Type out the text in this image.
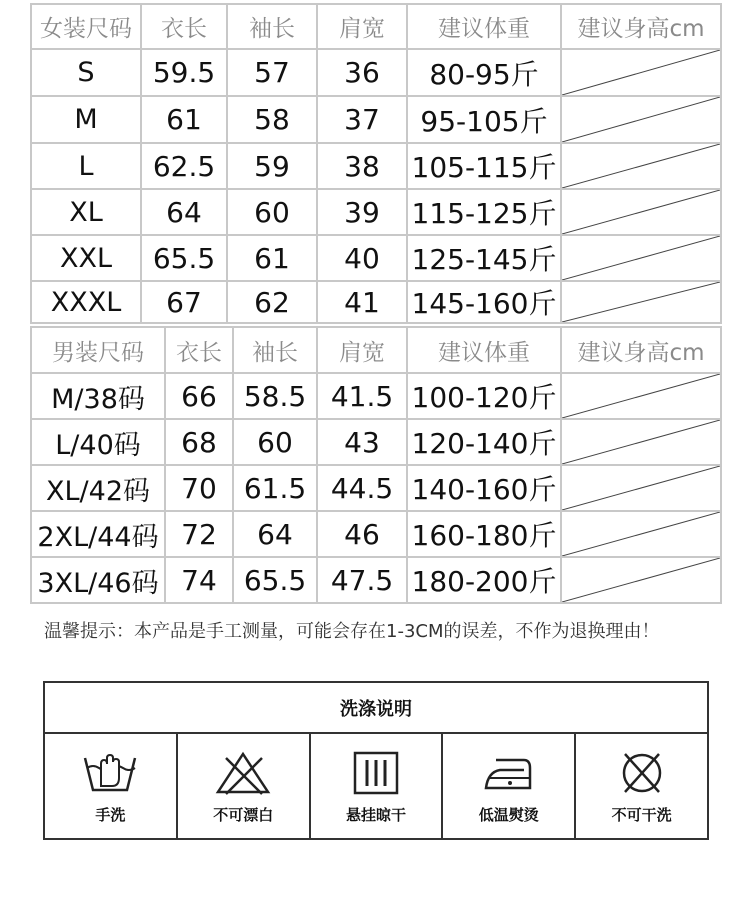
女装尺码	衣长	袖长	肩宽	建议体重	建议身高cm
S	59.5	57	36	80-95斤	

M	61	58	37	95-105斤	

L	62.5	59	38	105-115斤	

XL	64	60	39	115-125斤	

XXL	65.5	61	40	125-145斤	

XXXL	67	62	41	145-160斤	
男装尺码	衣长	袖长	肩宽	建议体重	建议身高cm
M/38码	66	58.5	41.5	100-120斤	

L/40码	68	60	43	120-140斤	

XL/42码	70	61.5	44.5	140-160斤	

2XL/44码	72	64	46	160-180斤	

3XL/46码	74	65.5	47.5	180-200斤	
温馨提示：本产品是手工测量，可能会存在1-3CM的误差，不作为退换理由！
洗涤说明
手洗	不可漂白	悬挂晾干	低温熨烫	不可干洗
